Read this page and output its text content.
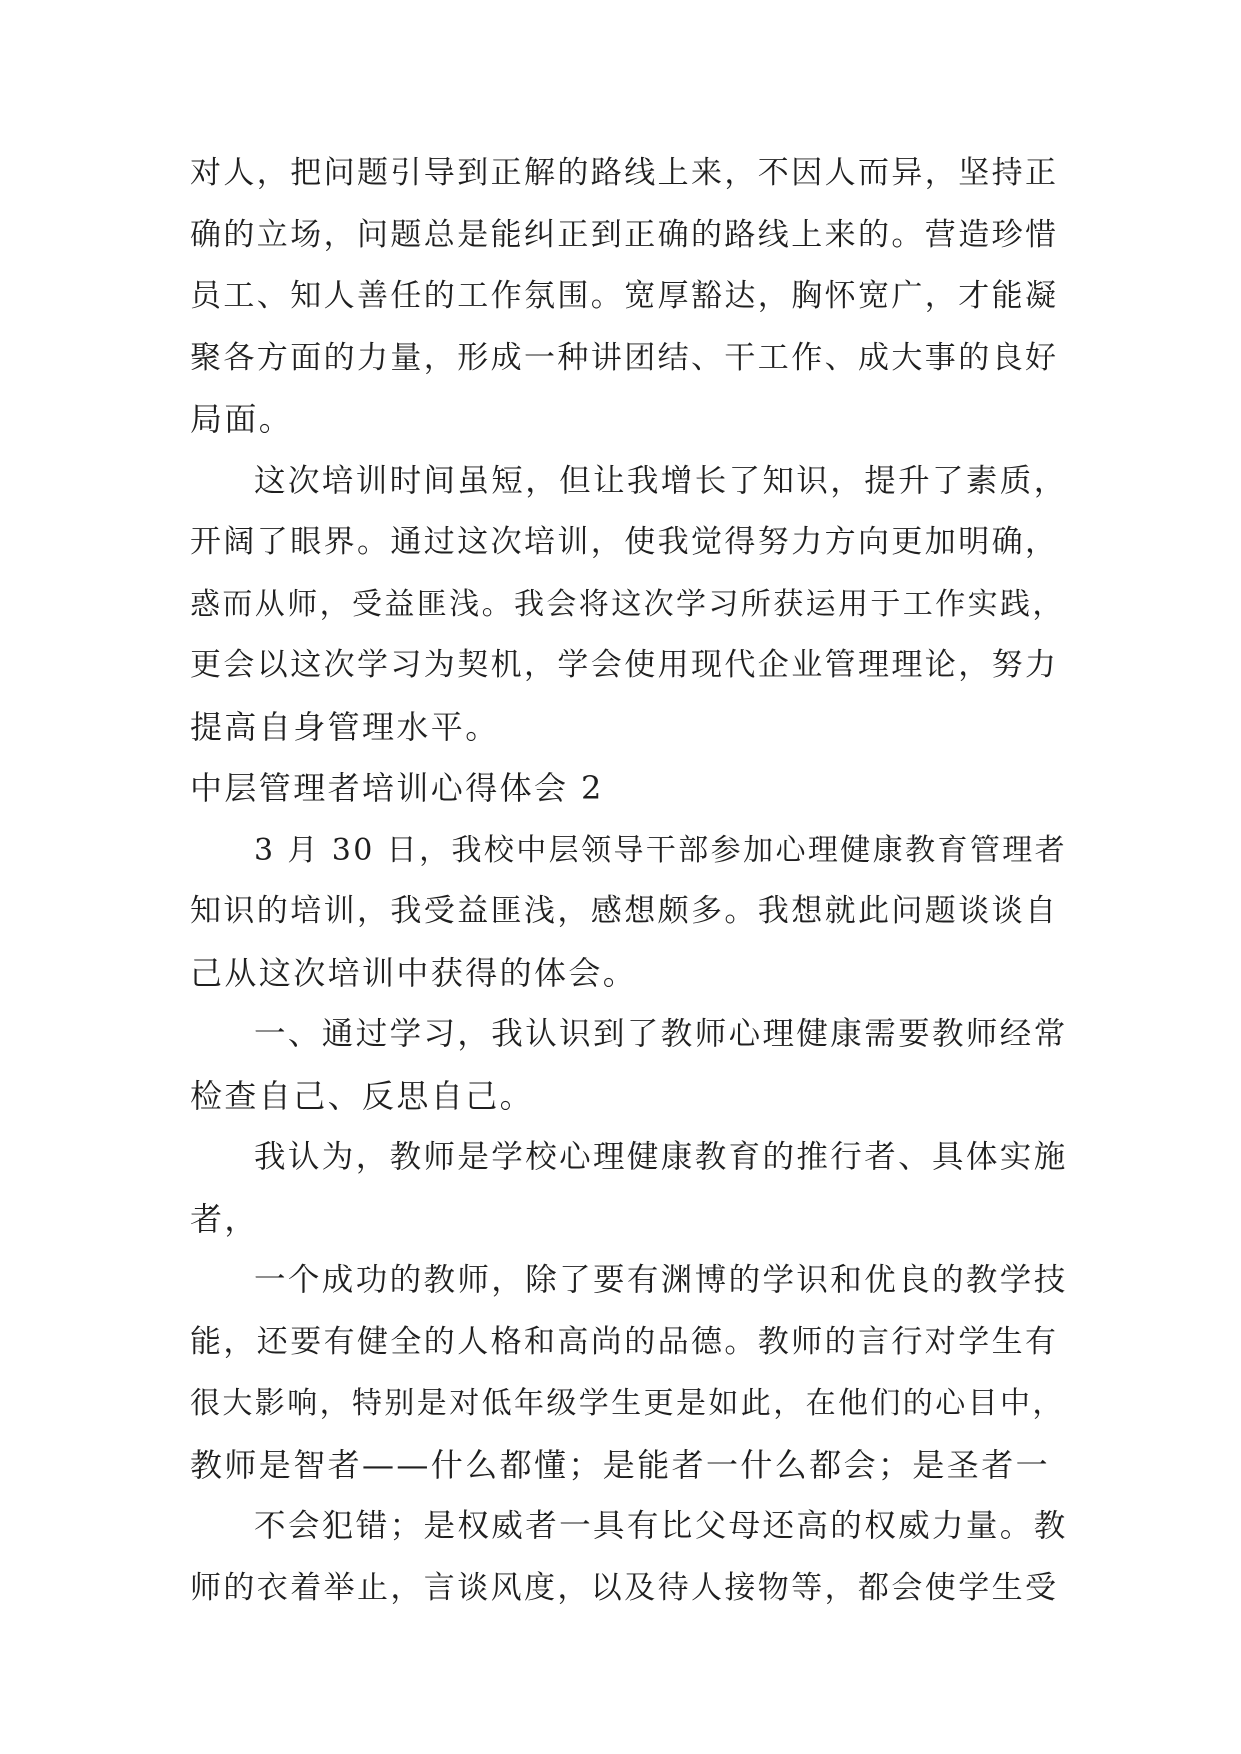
对人，把问题引导到正解的路线上来，不因人而异，坚持正
确的立场，问题总是能纠正到正确的路线上来的。营造珍惜
员工、知人善任的工作氛围。宽厚豁达，胸怀宽广，才能凝
聚各方面的力量，形成一种讲团结、干工作、成大事的良好
局面。
这次培训时间虽短，但让我增长了知识，提升了素质，
开阔了眼界。通过这次培训，使我觉得努力方向更加明确，
惑而从师，受益匪浅。我会将这次学习所获运用于工作实践，
更会以这次学习为契机，学会使用现代企业管理理论，努力
提高自身管理水平。
中层管理者培训心得体会 2
3 月 30 日，我校中层领导干部参加心理健康教育管理者
知识的培训，我受益匪浅，感想颇多。我想就此问题谈谈自
己从这次培训中获得的体会。
一、通过学习，我认识到了教师心理健康需要教师经常
检查自己、反思自己。
我认为，教师是学校心理健康教育的推行者、具体实施
者，
一个成功的教师，除了要有渊博的学识和优良的教学技
能，还要有健全的人格和高尚的品德。教师的言行对学生有
很大影响，特别是对低年级学生更是如此，在他们的心目中，
教师是智者——什么都懂；是能者一什么都会；是圣者一
不会犯错；是权威者一具有比父母还高的权威力量。教
师的衣着举止，言谈风度，以及待人接物等，都会使学生受
